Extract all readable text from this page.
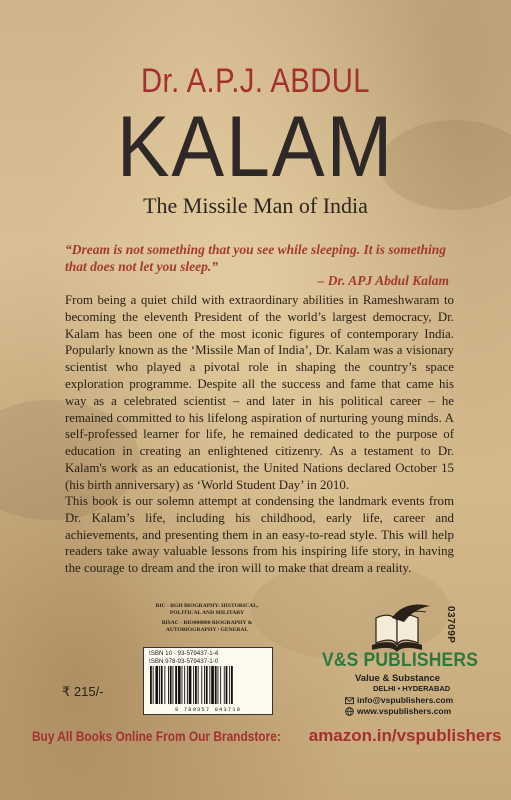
Dr. A.P.J. ABDUL
KALAM
The Missile Man of India
“Dream is not something that you see while sleeping. It is something that does not let you sleep.”
– Dr. APJ Abdul Kalam

From being a quiet child with extraordinary abilities in Rameshwaram to becoming the eleventh President of the world’s largest democracy, Dr. Kalam has been one of the most iconic figures of contemporary India. Popularly known as the ‘Missile Man of India’, Dr. Kalam was a visionary scientist who played a pivotal role in shaping the country’s space exploration programme. Despite all the success and fame that came his way as a celebrated scientist – and later in his political career – he remained committed to his lifelong aspiration of nurturing young minds. A self-professed learner for life, he remained dedicated to the purpose of education in creating an enlightened citizenry. As a testament to Dr. Kalam's work as an educationist, the United Nations declared October 15 (his birth anniversary) as ‘World Student Day’ in 2010.

This book is our solemn attempt at condensing the landmark events from Dr. Kalam’s life, including his childhood, early life, career and achievements, and presenting them in an easy-to-read style. This will help readers take away valuable lessons from his inspiring life story, in having the courage to dream and the iron will to make that dream a reality.

BIC - BGH BIOGRAPHY: HISTORICAL,
POLITICAL AND MILITARY
BISAC - BIO000000 BIOGRAPHY &
AUTOBIOGRAPHY / GENERAL
ISBN 10 - 93-579437-1-4
ISBN 978-93-579437-1-0
9 789357 943710
₹ 215/-
V&S PUBLISHERS
Value & Substance
DELHI • HYDERABAD
info@vspublishers.com
www.vspublishers.com
03709P
Buy All Books Online From Our Brandstore: amazon.in/vspublishers
